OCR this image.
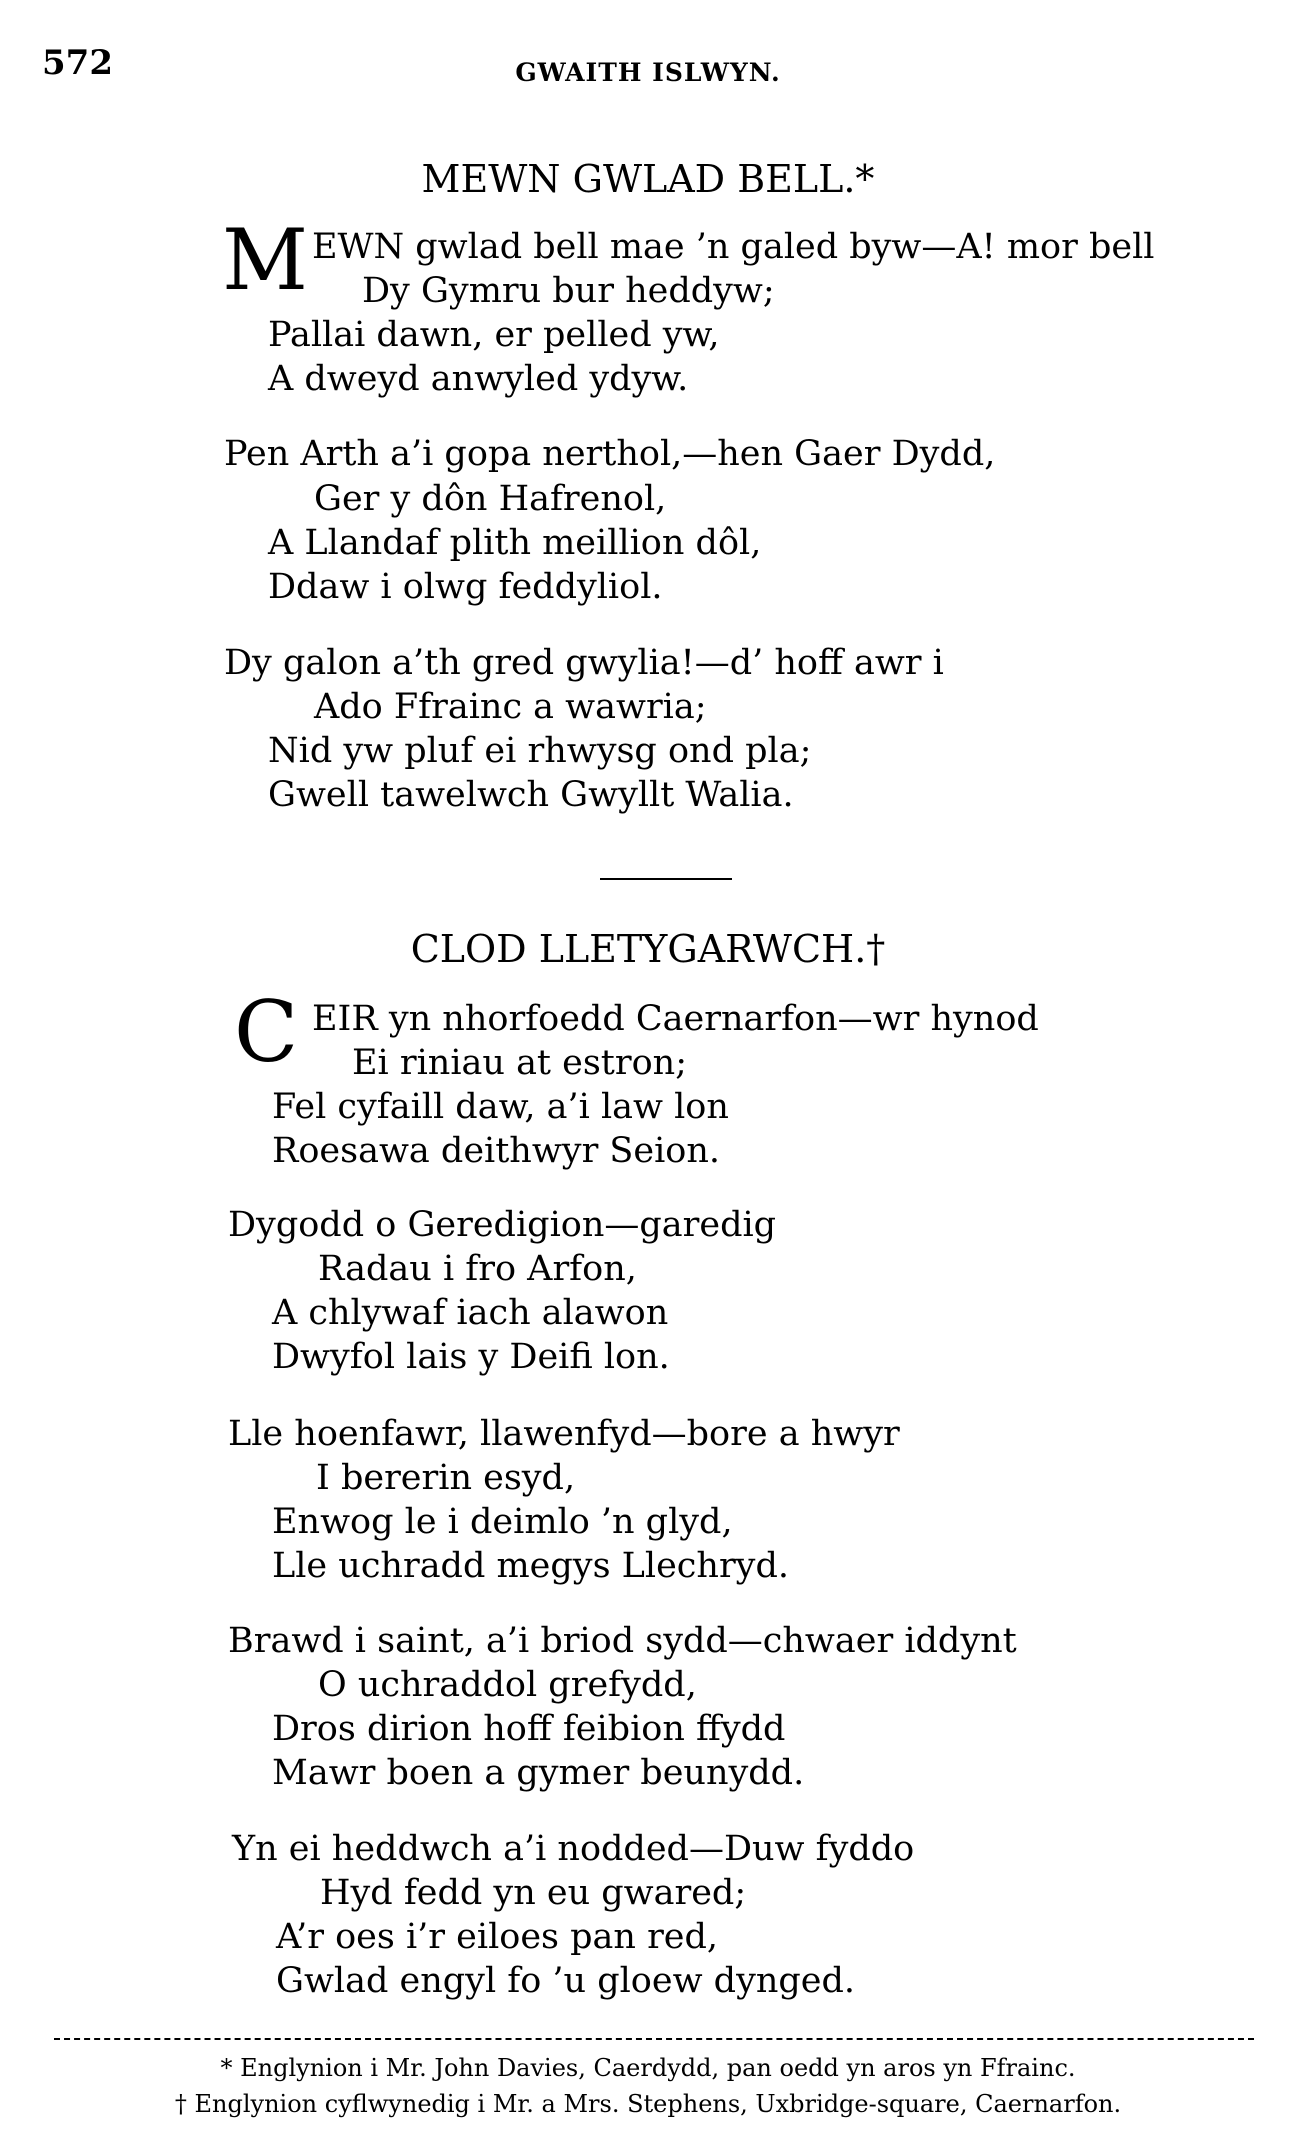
572	GWAITH ISLWYN.
MEWN GWLAD BELL.*
M EWN gwlad bell mae ’n galed byw—A! mor bell
Dy Gymru bur heddyw;
Pallai dawn, er pelled yw,
A dweyd anwyled ydyw.
Pen Arth a’i gopa nerthol,—hen Gaer Dydd,
Ger y dôn Hafrenol,
A Llandaf plith meillion dôl,
Ddaw i olwg feddyliol.
Dy galon a’th gred gwylia!—d’ hoff awr i
Ado Ffrainc a wawria;
Nid yw pluf ei rhwysg ond pla;
Gwell tawelwch Gwyllt Walia.
CLOD LLETYGARWCH.†
C EIR yn nhorfoedd Caernarfon—wr hynod
Ei riniau at estron;
Fel cyfaill daw, a’i law lon
Roesawa deithwyr Seion.
Dygodd o Geredigion—garedig
Radau i fro Arfon,
A chlywaf iach alawon
Dwyfol lais y Deifi lon.
Lle hoenfawr, llawenfyd—bore a hwyr
I bererin esyd,
Enwog le i deimlo ’n glyd,
Lle uchradd megys Llechryd.
Brawd i saint, a’i briod sydd—chwaer iddynt
O uchraddol grefydd,
Dros dirion hoff feibion ffydd
Mawr boen a gymer beunydd.
Yn ei heddwch a’i nodded—Duw fyddo
Hyd fedd yn eu gwared;
A’r oes i’r eiloes pan red,
Gwlad engyl fo ’u gloew dynged.
* Englynion i Mr. John Davies, Caerdydd, pan oedd yn aros yn Ffrainc.
† Englynion cyflwynedig i Mr. a Mrs. Stephens, Uxbridge-square, Caernarfon.
